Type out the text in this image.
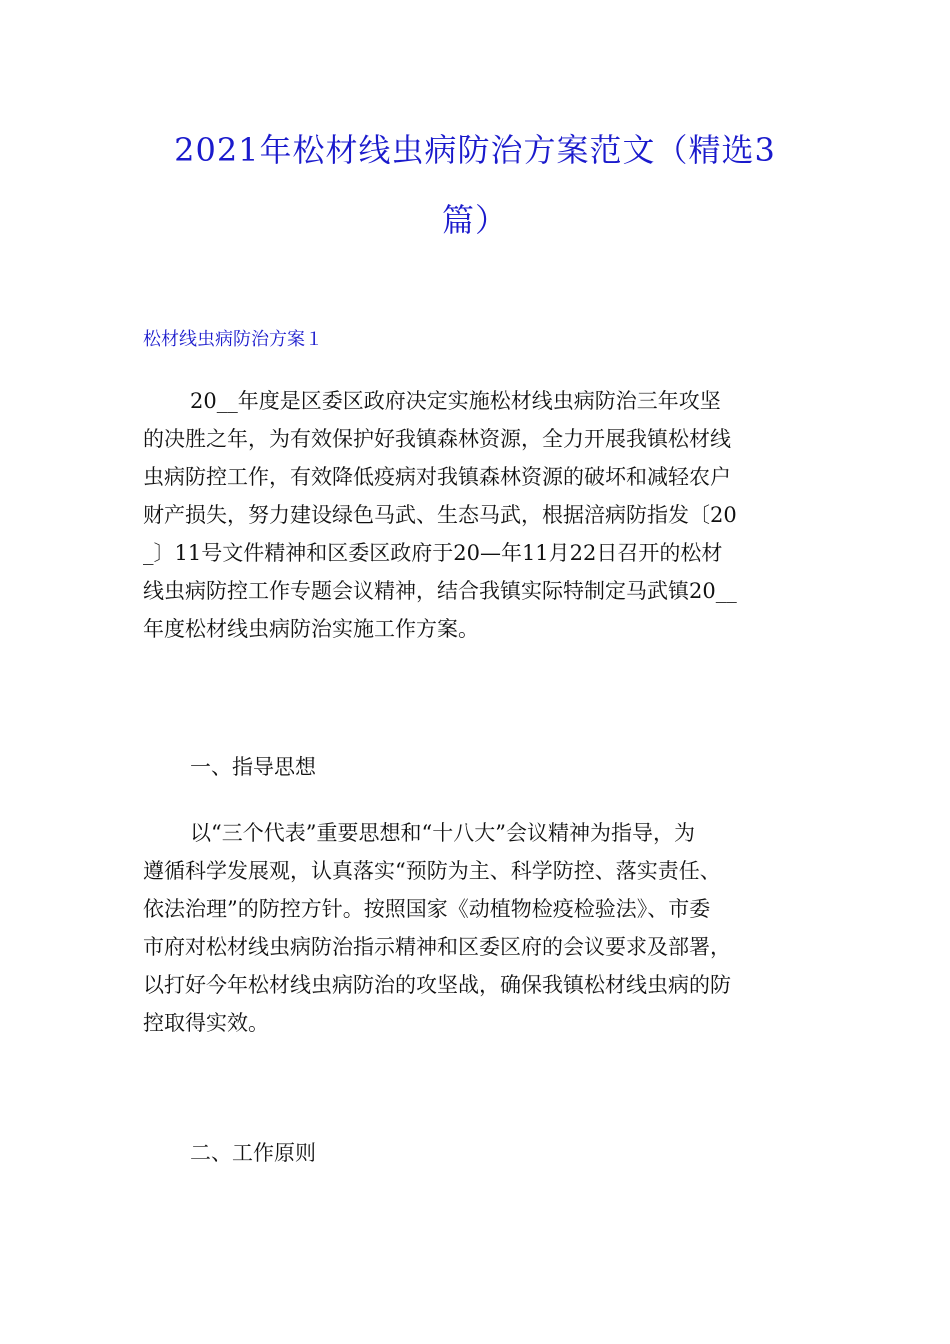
2021年松材线虫病防治方案范文（精选3
篇）
松材线虫病防治方案１
20__年度是区委区政府决定实施松材线虫病防治三年攻坚
的决胜之年，为有效保护好我镇森林资源，全力开展我镇松材线
虫病防控工作，有效降低疫病对我镇森林资源的破坏和减轻农户
财产损失，努力建设绿色马武、生态马武，根据涪病防指发〔20
_〕11号文件精神和区委区政府于20—年11月22日召开的松材
线虫病防控工作专题会议精神，结合我镇实际特制定马武镇20__
年度松材线虫病防治实施工作方案。
一、指导思想
以“三个代表”重要思想和“十八大”会议精神为指导，为
遵循科学发展观，认真落实“预防为主、科学防控、落实责任、
依法治理”的防控方针。按照国家《动植物检疫检验法》、市委
市府对松材线虫病防治指示精神和区委区府的会议要求及部署，
以打好今年松材线虫病防治的攻坚战，确保我镇松材线虫病的防
控取得实效。
二、工作原则
